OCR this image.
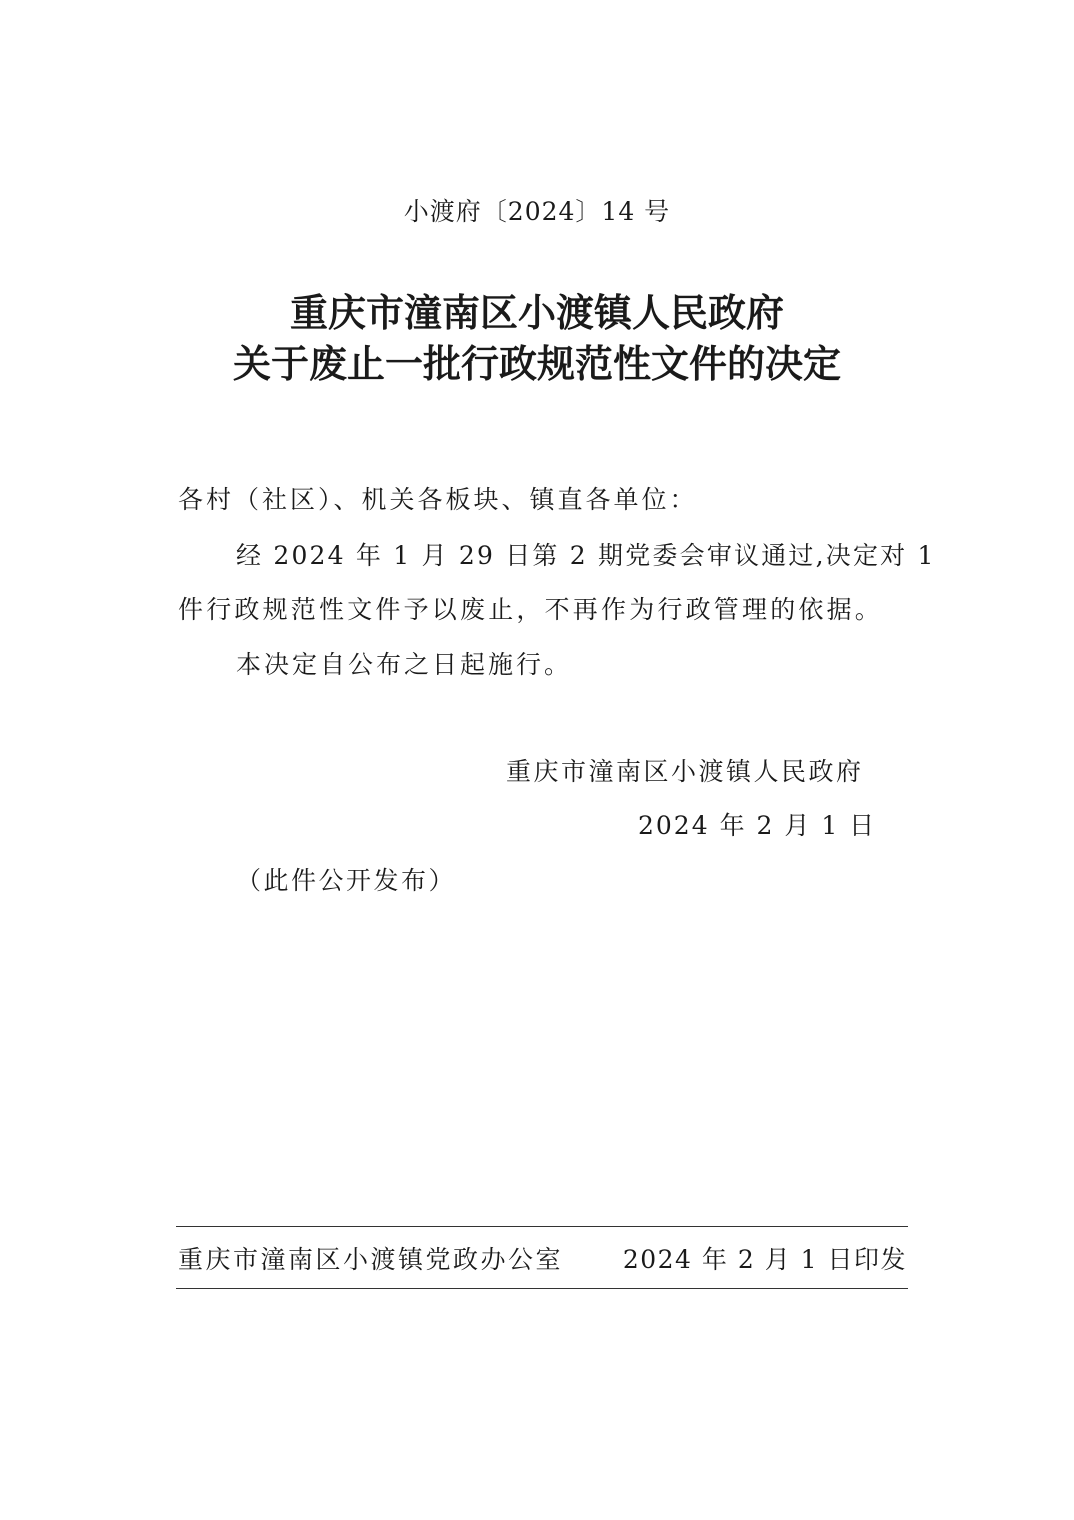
小渡府〔2024〕14 号
重庆市潼南区小渡镇人民政府
关于废止一批行政规范性文件的决定
各村（社区）、机关各板块、镇直各单位：
经 2024 年 1 月 29 日第 2 期党委会审议通过,决定对 1
件行政规范性文件予以废止，不再作为行政管理的依据。
本决定自公布之日起施行。
重庆市潼南区小渡镇人民政府
2024 年 2 月 1 日
（此件公开发布）
重庆市潼南区小渡镇党政办公室 2024 年 2 月 1 日印发
